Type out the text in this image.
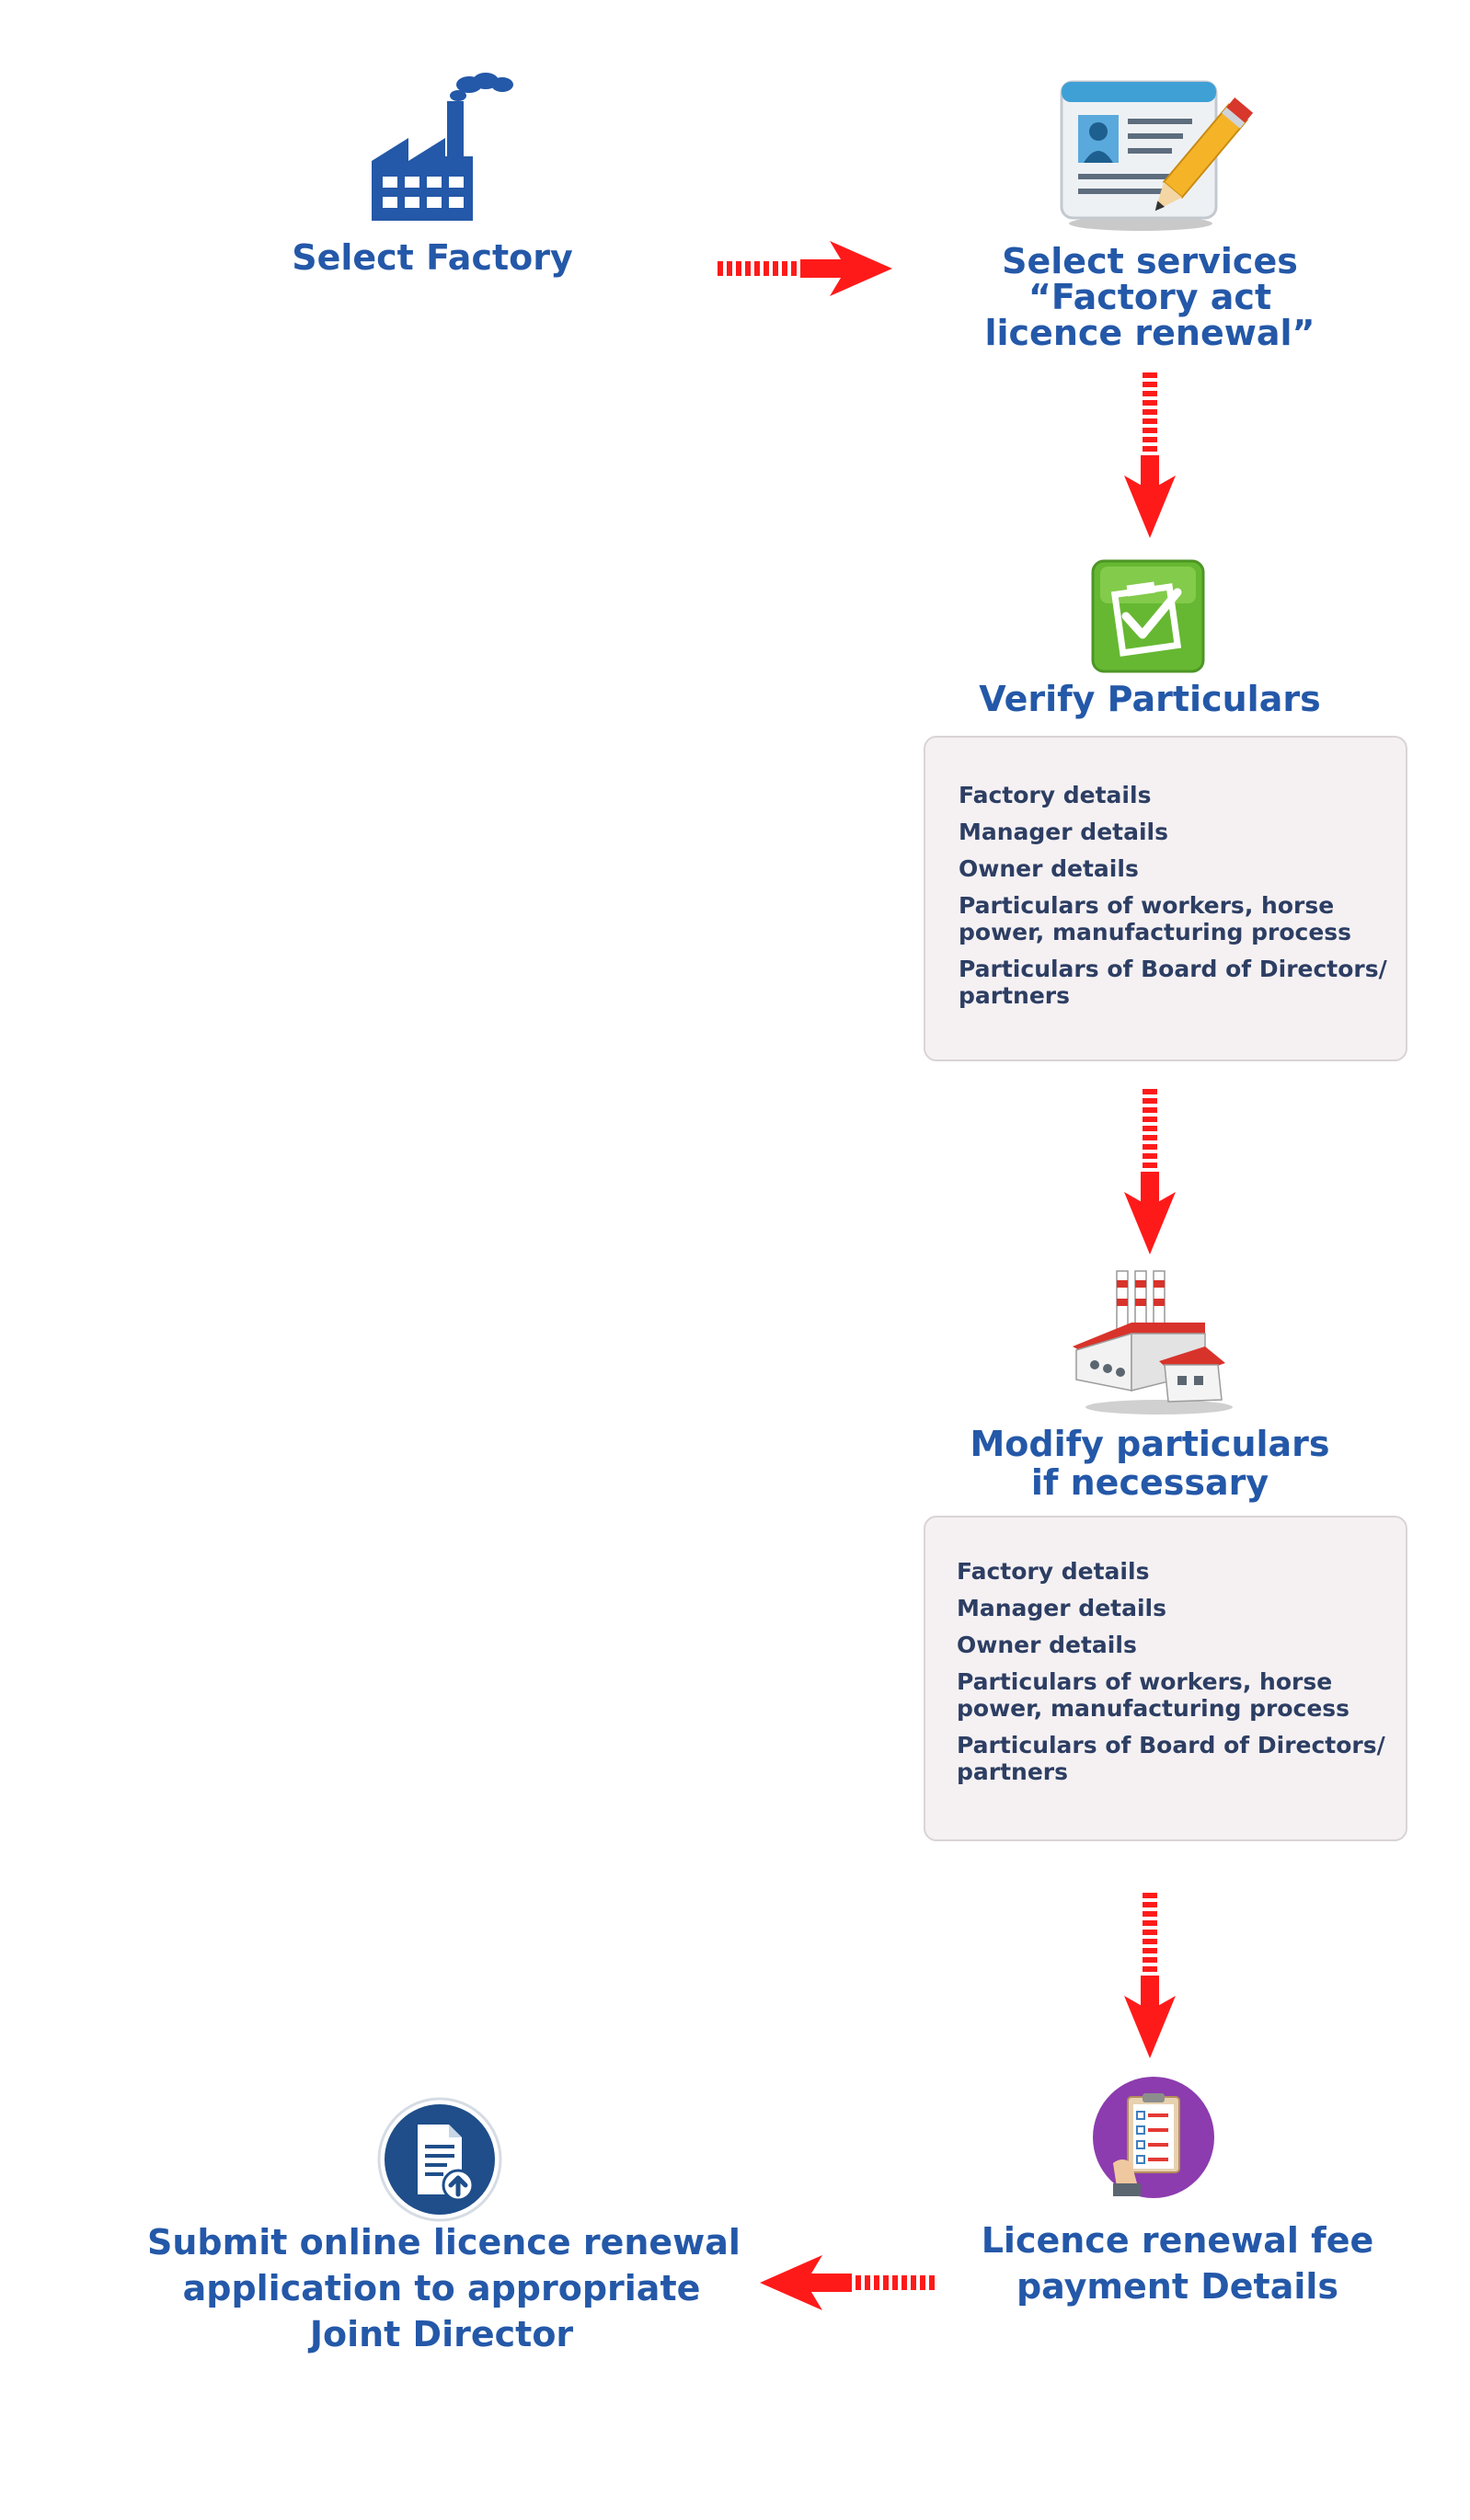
Select Factory	Select services
“Factory act
licence renewal”
Verify Particulars
Factory details
Manager details
Owner details
Particulars of workers, horse power, manufacturing process
Particulars of Board of Directors/ partners
Modify particulars
if necessary
Factory details
Manager details
Owner details
Particulars of workers, horse power, manufacturing process
Particulars of Board of Directors/ partners
Licence renewal fee
payment Details
Submit online licence renewal
application to appropriate
Joint Director
